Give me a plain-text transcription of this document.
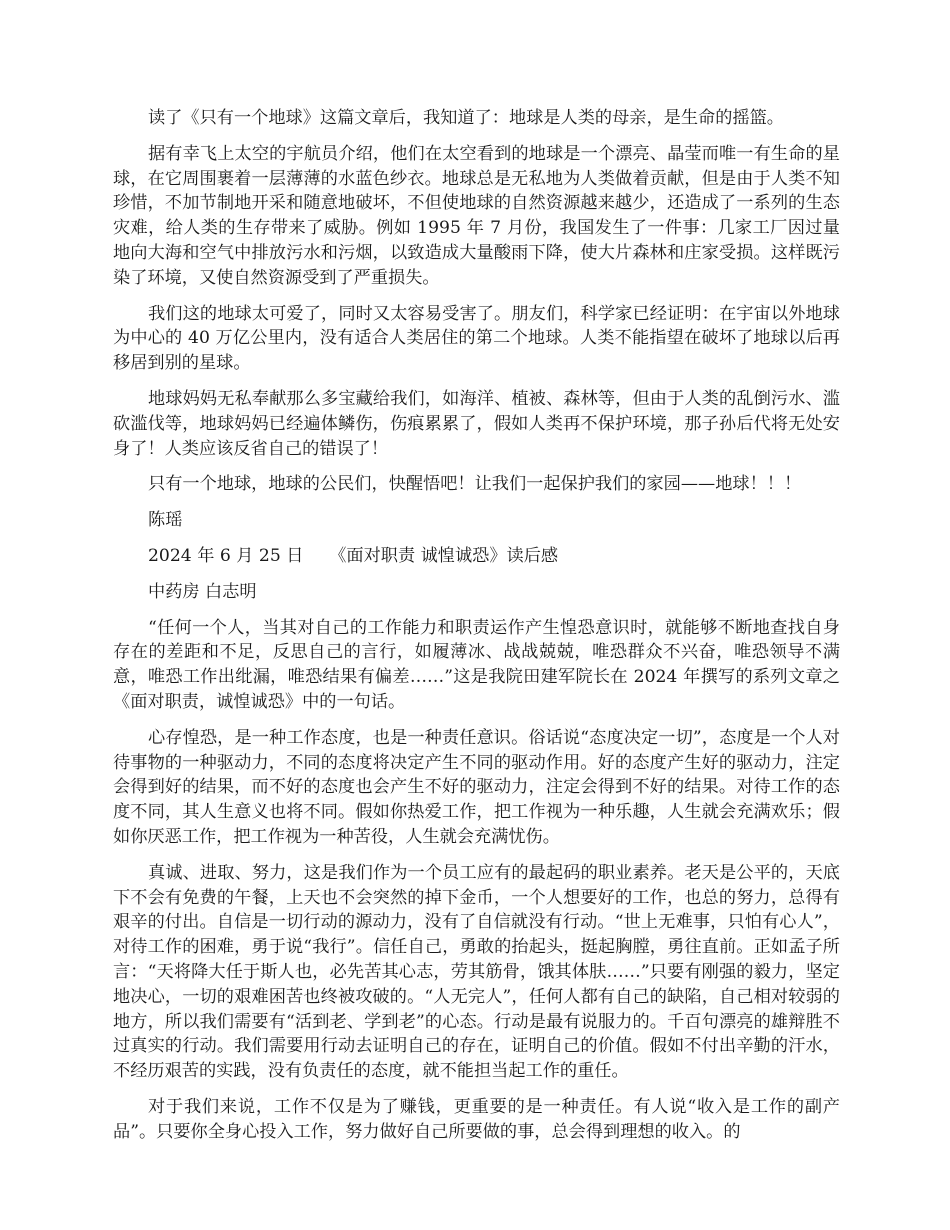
读了《只有一个地球》这篇文章后，我知道了：地球是人类的母亲，是生命的摇篮。

据有幸飞上太空的宇航员介绍，他们在太空看到的地球是一个漂亮、晶莹而唯一有生命的星球，在它周围裹着一层薄薄的水蓝色纱衣。地球总是无私地为人类做着贡献，但是由于人类不知珍惜，不加节制地开采和随意地破坏，不但使地球的自然资源越来越少，还造成了一系列的生态灾难，给人类的生存带来了威胁。例如 1995 年 7 月份，我国发生了一件事：几家工厂因过量地向大海和空气中排放污水和污烟，以致造成大量酸雨下降，使大片森林和庄家受损。这样既污染了环境，又使自然资源受到了严重损失。

我们这的地球太可爱了，同时又太容易受害了。朋友们，科学家已经证明：在宇宙以外地球为中心的 40 万亿公里内，没有适合人类居住的第二个地球。人类不能指望在破坏了地球以后再移居到别的星球。

地球妈妈无私奉献那么多宝藏给我们，如海洋、植被、森林等，但由于人类的乱倒污水、滥砍滥伐等，地球妈妈已经遍体鳞伤，伤痕累累了，假如人类再不保护环境，那子孙后代将无处安身了！人类应该反省自己的错误了！

只有一个地球，地球的公民们，快醒悟吧！让我们一起保护我们的家园——地球！！！

陈瑶

2024 年 6 月 25 日　　《面对职责 诚惶诚恐》读后感

中药房 白志明

“任何一个人，当其对自己的工作能力和职责运作产生惶恐意识时，就能够不断地查找自身存在的差距和不足，反思自己的言行，如履薄冰、战战兢兢，唯恐群众不兴奋，唯恐领导不满意，唯恐工作出纰漏，唯恐结果有偏差……”这是我院田建军院长在 2024 年撰写的系列文章之《面对职责，诚惶诚恐》中的一句话。

心存惶恐，是一种工作态度，也是一种责任意识。俗话说“态度决定一切”，态度是一个人对待事物的一种驱动力，不同的态度将决定产生不同的驱动作用。好的态度产生好的驱动力，注定会得到好的结果，而不好的态度也会产生不好的驱动力，注定会得到不好的结果。对待工作的态度不同，其人生意义也将不同。假如你热爱工作，把工作视为一种乐趣，人生就会充满欢乐；假如你厌恶工作，把工作视为一种苦役，人生就会充满忧伤。

真诚、进取、努力，这是我们作为一个员工应有的最起码的职业素养。老天是公平的，天底下不会有免费的午餐，上天也不会突然的掉下金币，一个人想要好的工作，也总的努力，总得有艰辛的付出。自信是一切行动的源动力，没有了自信就没有行动。“世上无难事，只怕有心人”，对待工作的困难，勇于说“我行”。信任自己，勇敢的抬起头，挺起胸膛，勇往直前。正如孟子所言：“天将降大任于斯人也，必先苦其心志，劳其筋骨，饿其体肤……”只要有刚强的毅力，坚定地决心，一切的艰难困苦也终被攻破的。“人无完人”，任何人都有自己的缺陷，自己相对较弱的地方，所以我们需要有“活到老、学到老”的心态。行动是最有说服力的。千百句漂亮的雄辩胜不过真实的行动。我们需要用行动去证明自己的存在，证明自己的价值。假如不付出辛勤的汗水，不经历艰苦的实践，没有负责任的态度，就不能担当起工作的重任。

对于我们来说，工作不仅是为了赚钱，更重要的是一种责任。有人说“收入是工作的副产品”。只要你全身心投入工作，努力做好自己所要做的事，总会得到理想的收入。的
